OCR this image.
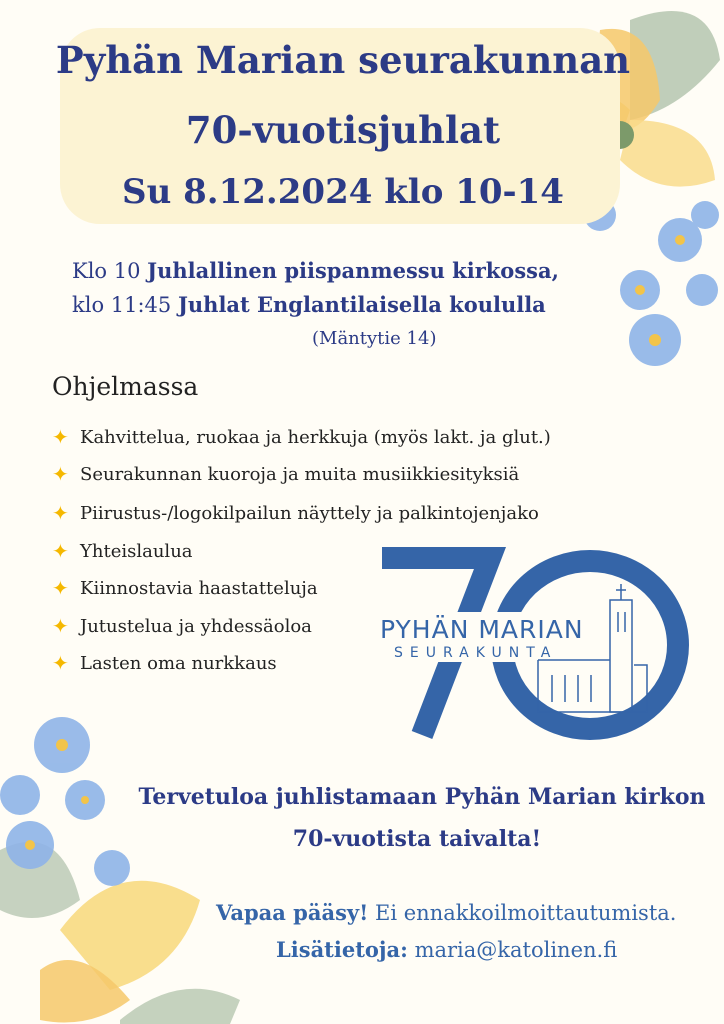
Pyhän Marian seurakunnan
70-vuotisjuhlat
Su 8.12.2024 klo 10-14
Klo 10 Juhlallinen piispanmessu kirkossa,
klo 11:45 Juhlat Englantilaisella koululla
(Mäntytie 14)
Ohjelmassa
✦ Kahvittelua, ruokaa ja herkkuja (myös lakt. ja glut.)
✦ Seurakunnan kuoroja ja muita musiikkiesityksiä
✦ Piirustus-/logokilpailun näyttely ja palkintojenjako
✦ Yhteislaulua
✦ Kiinnostavia haastatteluja
✦ Jutustelua ja yhdessäoloa
✦ Lasten oma nurkkaus
PYHÄN MARIAN
SEURAKUNTA
Tervetuloa juhlistamaan Pyhän Marian kirkon
70-vuotista taivalta!
Vapaa pääsy! Ei ennakkoilmoittautumista.
Lisätietoja: maria@katolinen.fi
